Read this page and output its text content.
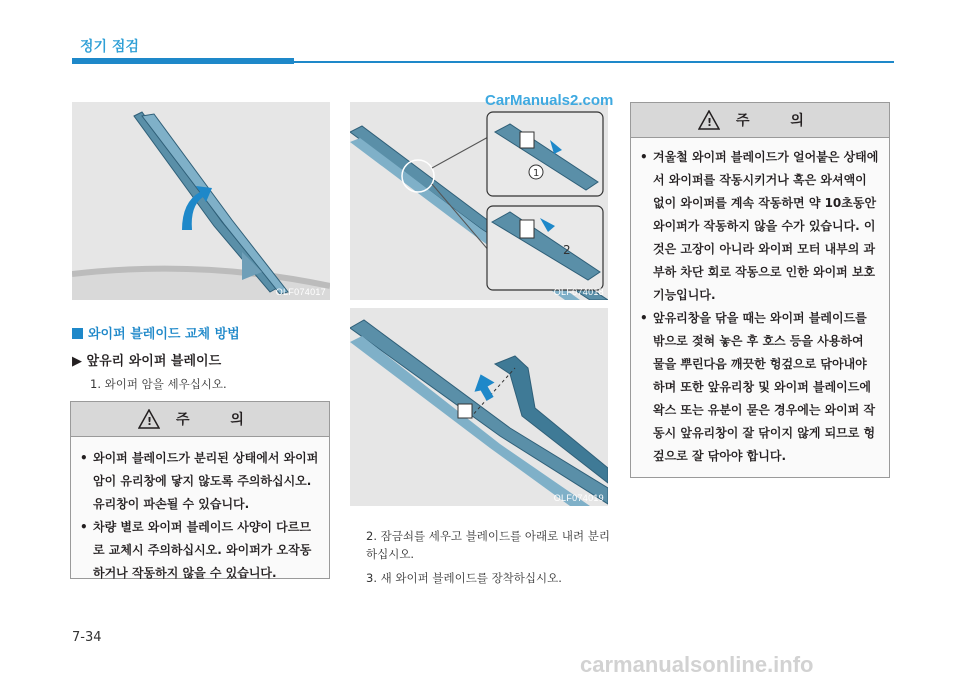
정기 점검
OLF074017
1
2
OLF074018
CarManuals2.com
OLF074019
와이퍼 블레이드 교체 방법
▶ 앞유리 와이퍼 블레이드
1. 와이퍼 암을 세우십시오.
! 주 의
• 와이퍼 블레이드가 분리된 상태에서 와이퍼 암이 유리창에 닿지 않도록 주의하십시오. 유리창이 파손될 수 있습니다.
• 차량 별로 와이퍼 블레이드 사양이 다르므로 교체시 주의하십시오. 와이퍼가 오작동하거나 작동하지 않을 수 있습니다.
2. 잠금쇠를 세우고 블레이드를 아래로 내려 분리하십시오.
3. 새 와이퍼 블레이드를 장착하십시오.
! 주 의
• 겨울철 와이퍼 블레이드가 얼어붙은 상태에서 와이퍼를 작동시키거나 혹은 와셔액이 없이 와이퍼를 계속 작동하면 약 10초동안 와이퍼가 작동하지 않을 수가 있습니다. 이것은 고장이 아니라 와이퍼 모터 내부의 과부하 차단 회로 작동으로 인한 와이퍼 보호 기능입니다.
• 앞유리창을 닦을 때는 와이퍼 블레이드를 밖으로 젖혀 놓은 후 호스 등을 사용하여 물을 뿌린다음 깨끗한 헝겊으로 닦아내야 하며 또한 앞유리창 및 와이퍼 블레이드에 왁스 또는 유분이 묻은 경우에는 와이퍼 작동시 앞유리창이 잘 닦이지 않게 되므로 헝겊으로 잘 닦아야 합니다.
7-34
carmanualsonline.info
